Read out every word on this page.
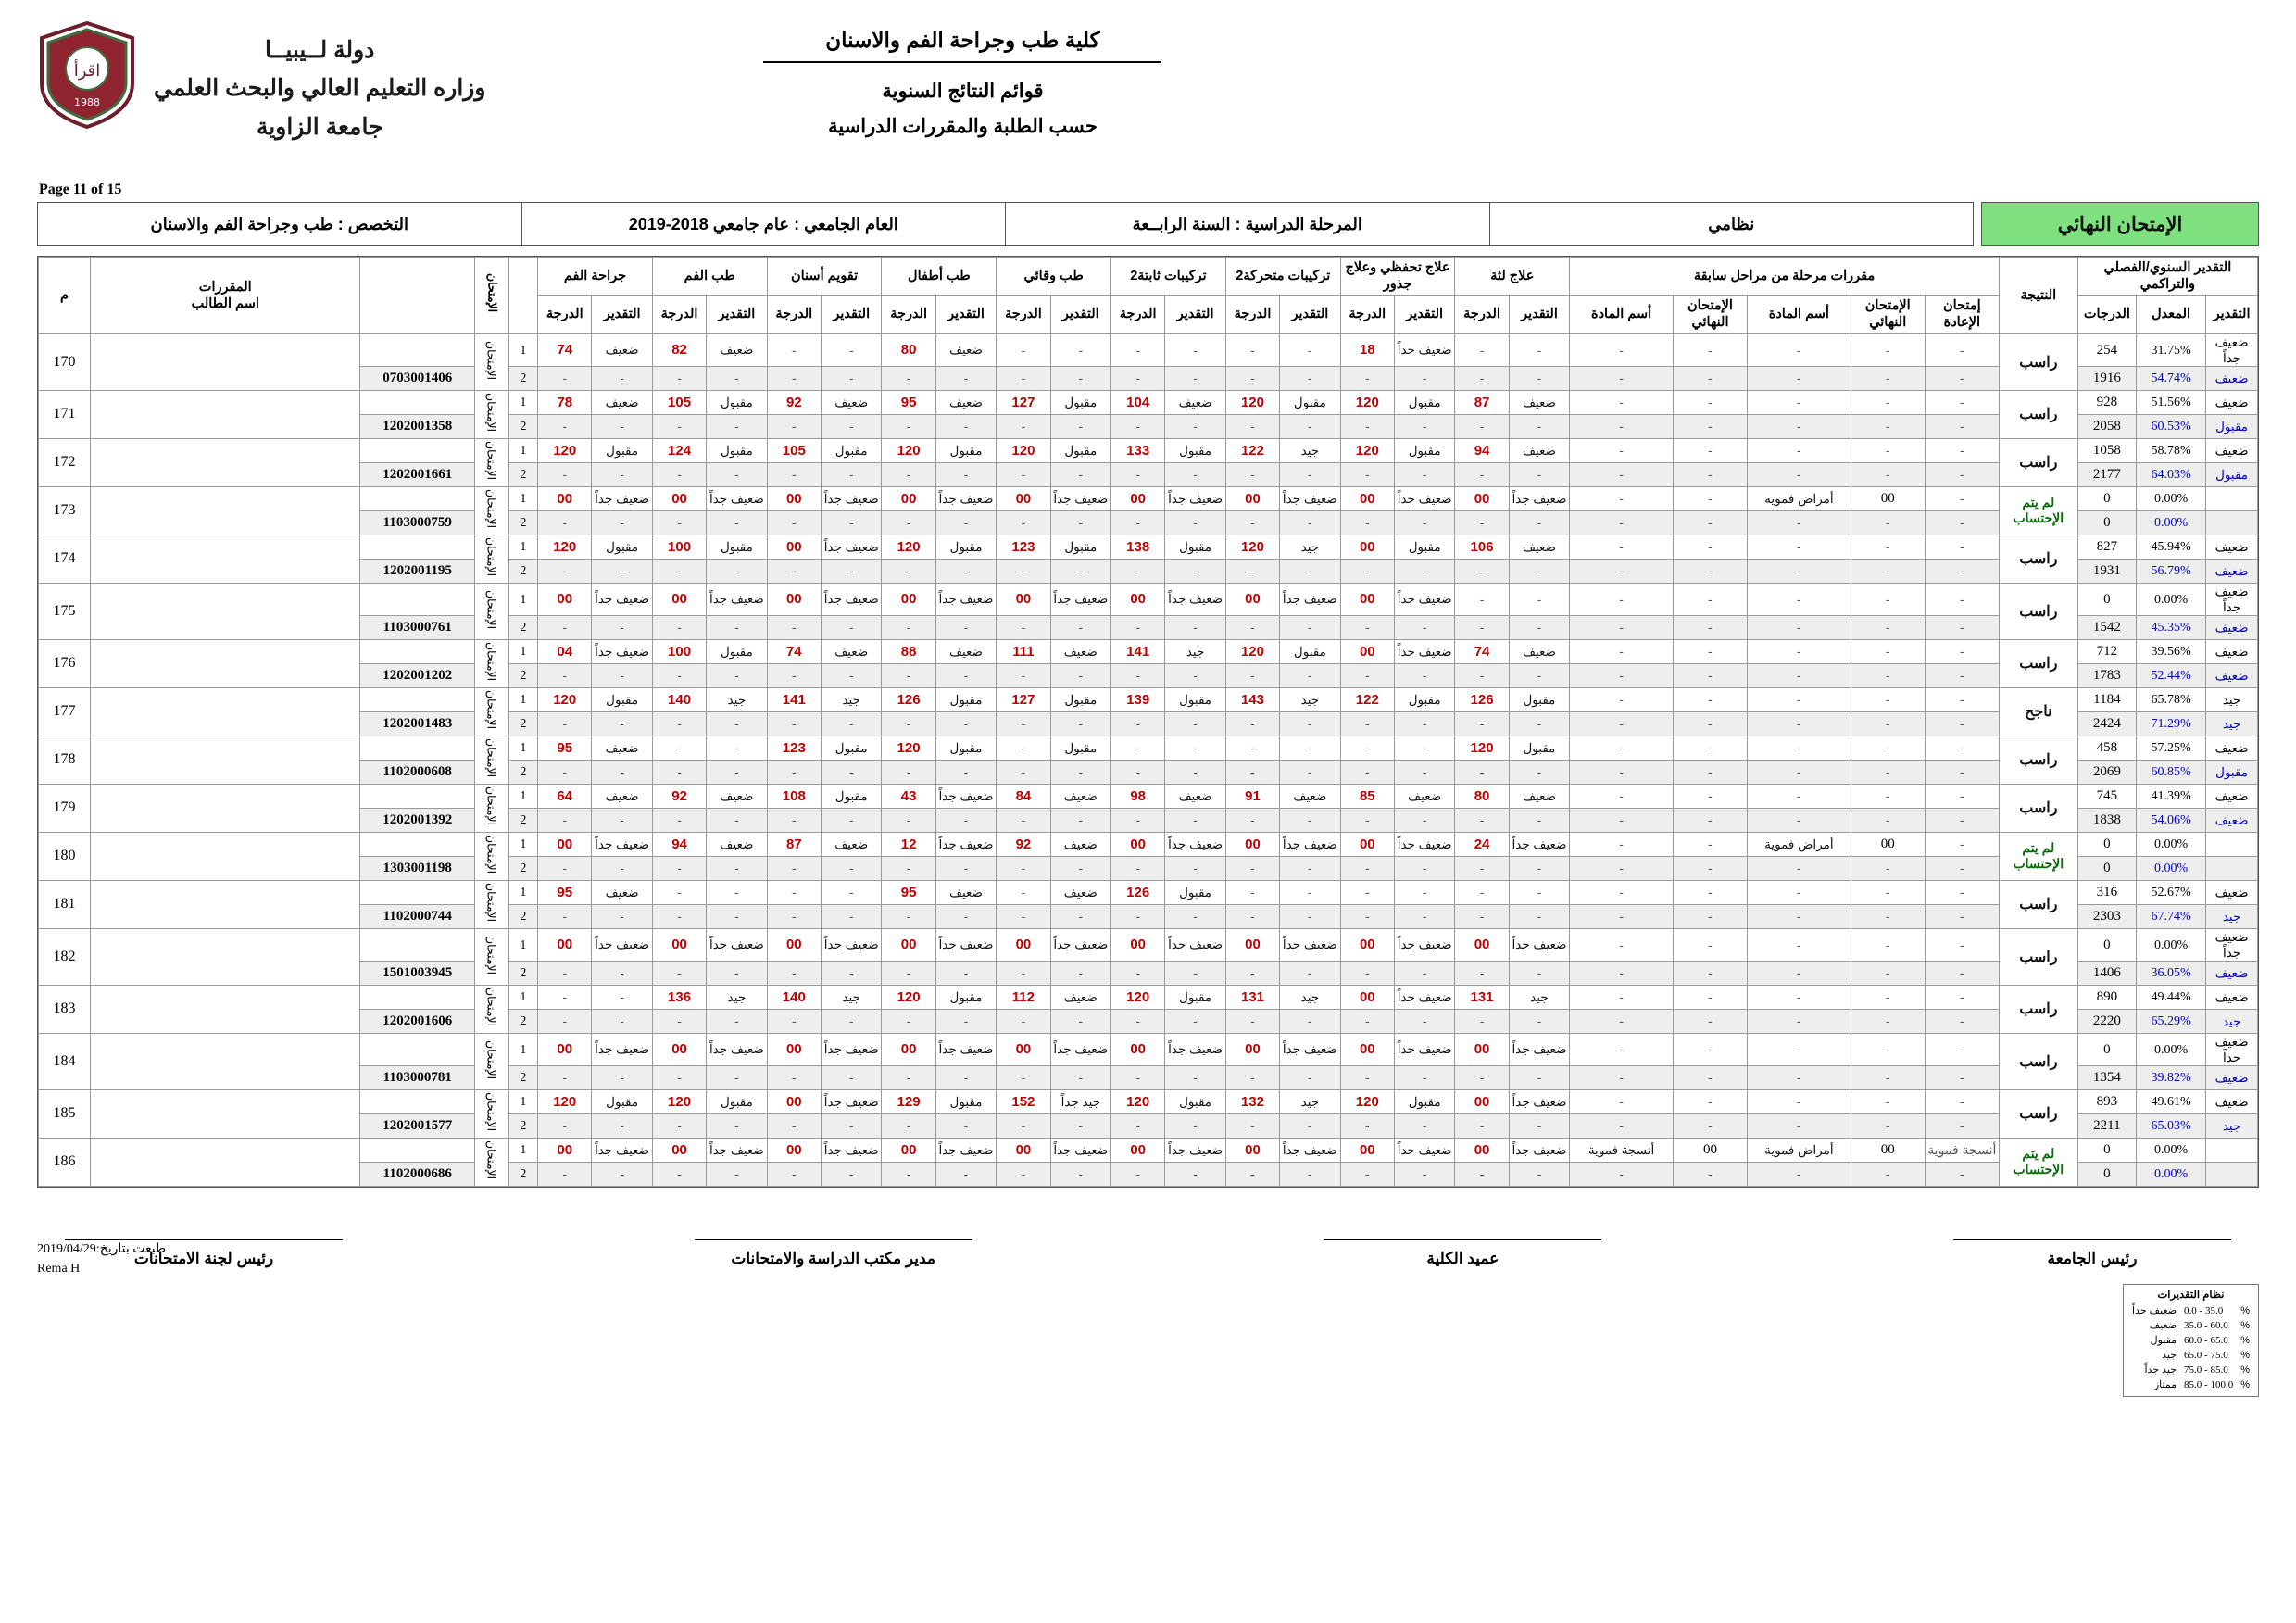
كلية طب وجراحة الفم والاسنان
قوائم النتائج السنوية
حسب الطلبة والمقررات الدراسية
دولة لــيبيــا
وزاره التعليم العالي والبحث العلمي
جامعة الزاوية
اقرأ
1988
Page 11 of 15
الإمتحان النهائي
نظامي
المرحلة الدراسية : السنة الرابــعة
العام الجامعي : عام جامعي 2018-2019
التخصص : طب وجراحة الفم والاسنان
التقدير السنوي/الفصلي والتراكمي			النتيجة	مقررات مرحلة من مراحل سابقة					علاج لثة		علاج تحفظي وعلاج جذور		تركيبات متحركة2		تركيبات ثابتة2		طب وقائي		طب أطفال		تقويم أسنان		طب الفم		جراحة الفم			الإمتحان		المقررات
اسم الطالب	م
التقدير	المعدل	الدرجات		إمتحان الإعادة	الإمتحان النهائي	أسم المادة	الإمتحان النهائي	أسم المادة	التقدير	الدرجة	التقدير	الدرجة	التقدير	الدرجة	التقدير	الدرجة	التقدير	الدرجة	التقدير	الدرجة	التقدير	الدرجة	التقدير	الدرجة	التقدير	الدرجة					
ضعيف جداً	31.75%	254	راسب	-	-	-	-	-	-	-	ضعيف جداً	18	-	-	-	-	-	-	ضعيف	80	-	-	ضعيف	82	ضعيف	74	1	الإمتحان			170
ضعيف	54.74%	1916		-	-	-	-	-	-	-	-	-	-	-	-	-	-	-	-	-	-	-	-	-	-	-	2		0703001406		
ضعيف	51.56%	928	راسب	-	-	-	-	-	ضعيف	87	مقبول	120	مقبول	120	ضعيف	104	مقبول	127	ضعيف	95	ضعيف	92	مقبول	105	ضعيف	78	1	الإمتحان			171
مقبول	60.53%	2058		-	-	-	-	-	-	-	-	-	-	-	-	-	-	-	-	-	-	-	-	-	-	-	2		1202001358		
ضعيف	58.78%	1058	راسب	-	-	-	-	-	ضعيف	94	مقبول	120	جيد	122	مقبول	133	مقبول	120	مقبول	120	مقبول	105	مقبول	124	مقبول	120	1	الإمتحان			172
مقبول	64.03%	2177		-	-	-	-	-	-	-	-	-	-	-	-	-	-	-	-	-	-	-	-	-	-	-	2		1202001661		
	0.00%	0	لم يتم الإحتساب	-	00	أمراض فموية	-	-	ضعيف جداً	00	ضعيف جداً	00	ضعيف جداً	00	ضعيف جداً	00	ضعيف جداً	00	ضعيف جداً	00	ضعيف جداً	00	ضعيف جداً	00	ضعيف جداً	00	1	الإمتحان			173
	0.00%	0		-	-	-	-	-	-	-	-	-	-	-	-	-	-	-	-	-	-	-	-	-	-	-	2		1103000759		
ضعيف	45.94%	827	راسب	-	-	-	-	-	ضعيف	106	مقبول	00	جيد	120	مقبول	138	مقبول	123	مقبول	120	ضعيف جداً	00	مقبول	100	مقبول	120	1	الإمتحان			174
ضعيف	56.79%	1931		-	-	-	-	-	-	-	-	-	-	-	-	-	-	-	-	-	-	-	-	-	-	-	2		1202001195		
ضعيف جداً	0.00%	0	راسب	-	-	-	-	-	-	-	ضعيف جداً	00	ضعيف جداً	00	ضعيف جداً	00	ضعيف جداً	00	ضعيف جداً	00	ضعيف جداً	00	ضعيف جداً	00	ضعيف جداً	00	1	الإمتحان			175
ضعيف	45.35%	1542		-	-	-	-	-	-	-	-	-	-	-	-	-	-	-	-	-	-	-	-	-	-	-	2		1103000761		
ضعيف	39.56%	712	راسب	-	-	-	-	-	ضعيف	74	ضعيف جداً	00	مقبول	120	جيد	141	ضعيف	111	ضعيف	88	ضعيف	74	مقبول	100	ضعيف جداً	04	1	الإمتحان			176
ضعيف	52.44%	1783		-	-	-	-	-	-	-	-	-	-	-	-	-	-	-	-	-	-	-	-	-	-	-	2		1202001202		
جيد	65.78%	1184	ناجح	-	-	-	-	-	مقبول	126	مقبول	122	جيد	143	مقبول	139	مقبول	127	مقبول	126	جيد	141	جيد	140	مقبول	120	1	الإمتحان			177
جيد	71.29%	2424		-	-	-	-	-	-	-	-	-	-	-	-	-	-	-	-	-	-	-	-	-	-	-	2		1202001483		
ضعيف	57.25%	458	راسب	-	-	-	-	-	مقبول	120	-	-	-	-	-	-	مقبول	-	مقبول	120	مقبول	123	-	-	ضعيف	95	1	الإمتحان			178
مقبول	60.85%	2069		-	-	-	-	-	-	-	-	-	-	-	-	-	-	-	-	-	-	-	-	-	-	-	2		1102000608		
ضعيف	41.39%	745	راسب	-	-	-	-	-	ضعيف	80	ضعيف	85	ضعيف	91	ضعيف	98	ضعيف	84	ضعيف جداً	43	مقبول	108	ضعيف	92	ضعيف	64	1	الإمتحان			179
ضعيف	54.06%	1838		-	-	-	-	-	-	-	-	-	-	-	-	-	-	-	-	-	-	-	-	-	-	-	2		1202001392		
	0.00%	0	لم يتم الإحتساب	-	00	أمراض فموية	-	-	ضعيف جداً	24	ضعيف جداً	00	ضعيف جداً	00	ضعيف جداً	00	ضعيف	92	ضعيف جداً	12	ضعيف	87	ضعيف	94	ضعيف جداً	00	1	الإمتحان			180
	0.00%	0		-	-	-	-	-	-	-	-	-	-	-	-	-	-	-	-	-	-	-	-	-	-	-	2		1303001198		
ضعيف	52.67%	316	راسب	-	-	-	-	-	-	-	-	-	-	-	مقبول	126	ضعيف	-	ضعيف	95	-	-	-	-	ضعيف	95	1	الإمتحان			181
جيد	67.74%	2303		-	-	-	-	-	-	-	-	-	-	-	-	-	-	-	-	-	-	-	-	-	-	-	2		1102000744		
ضعيف جداً	0.00%	0	راسب	-	-	-	-	-	ضعيف جداً	00	ضعيف جداً	00	ضعيف جداً	00	ضعيف جداً	00	ضعيف جداً	00	ضعيف جداً	00	ضعيف جداً	00	ضعيف جداً	00	ضعيف جداً	00	1	الإمتحان			182
ضعيف	36.05%	1406		-	-	-	-	-	-	-	-	-	-	-	-	-	-	-	-	-	-	-	-	-	-	-	2		1501003945		
ضعيف	49.44%	890	راسب	-	-	-	-	-	جيد	131	ضعيف جداً	00	جيد	131	مقبول	120	ضعيف	112	مقبول	120	جيد	140	جيد	136	-	-	1	الإمتحان			183
جيد	65.29%	2220		-	-	-	-	-	-	-	-	-	-	-	-	-	-	-	-	-	-	-	-	-	-	-	2		1202001606		
ضعيف جداً	0.00%	0	راسب	-	-	-	-	-	ضعيف جداً	00	ضعيف جداً	00	ضعيف جداً	00	ضعيف جداً	00	ضعيف جداً	00	ضعيف جداً	00	ضعيف جداً	00	ضعيف جداً	00	ضعيف جداً	00	1	الإمتحان			184
ضعيف	39.82%	1354		-	-	-	-	-	-	-	-	-	-	-	-	-	-	-	-	-	-	-	-	-	-	-	2		1103000781		
ضعيف	49.61%	893	راسب	-	-	-	-	-	ضعيف جداً	00	مقبول	120	جيد	132	مقبول	120	جيد جداً	152	مقبول	129	ضعيف جداً	00	مقبول	120	مقبول	120	1	الإمتحان			185
جيد	65.03%	2211		-	-	-	-	-	-	-	-	-	-	-	-	-	-	-	-	-	-	-	-	-	-	-	2		1202001577		
	0.00%	0	لم يتم الإحتساب	أنسجة فموية	00	أمراض فموية	00	أنسجة فموية	ضعيف جداً	00	ضعيف جداً	00	ضعيف جداً	00	ضعيف جداً	00	ضعيف جداً	00	ضعيف جداً	00	ضعيف جداً	00	ضعيف جداً	00	ضعيف جداً	00	1	الإمتحان			186
	0.00%	0		-	-	-	-	-	-	-	-	-	-	-	-	-	-	-	-	-	-	-	-	-	-	-	2		1102000686		
طبعت بتاريخ:2019/04/29
Rema H
نظام التقديرات
%	0.0 - 35.0	ضعيف جداً
%	35.0 - 60.0	ضعيف
%	60.0 - 65.0	مقبول
%	65.0 - 75.0	جيد
%	75.0 - 85.0	جيد جداً
%	85.0 - 100.0	ممتاز
رئيس الجامعة
عميد الكلية
مدير مكتب الدراسة والامتحانات
رئيس لجنة الامتحانات
